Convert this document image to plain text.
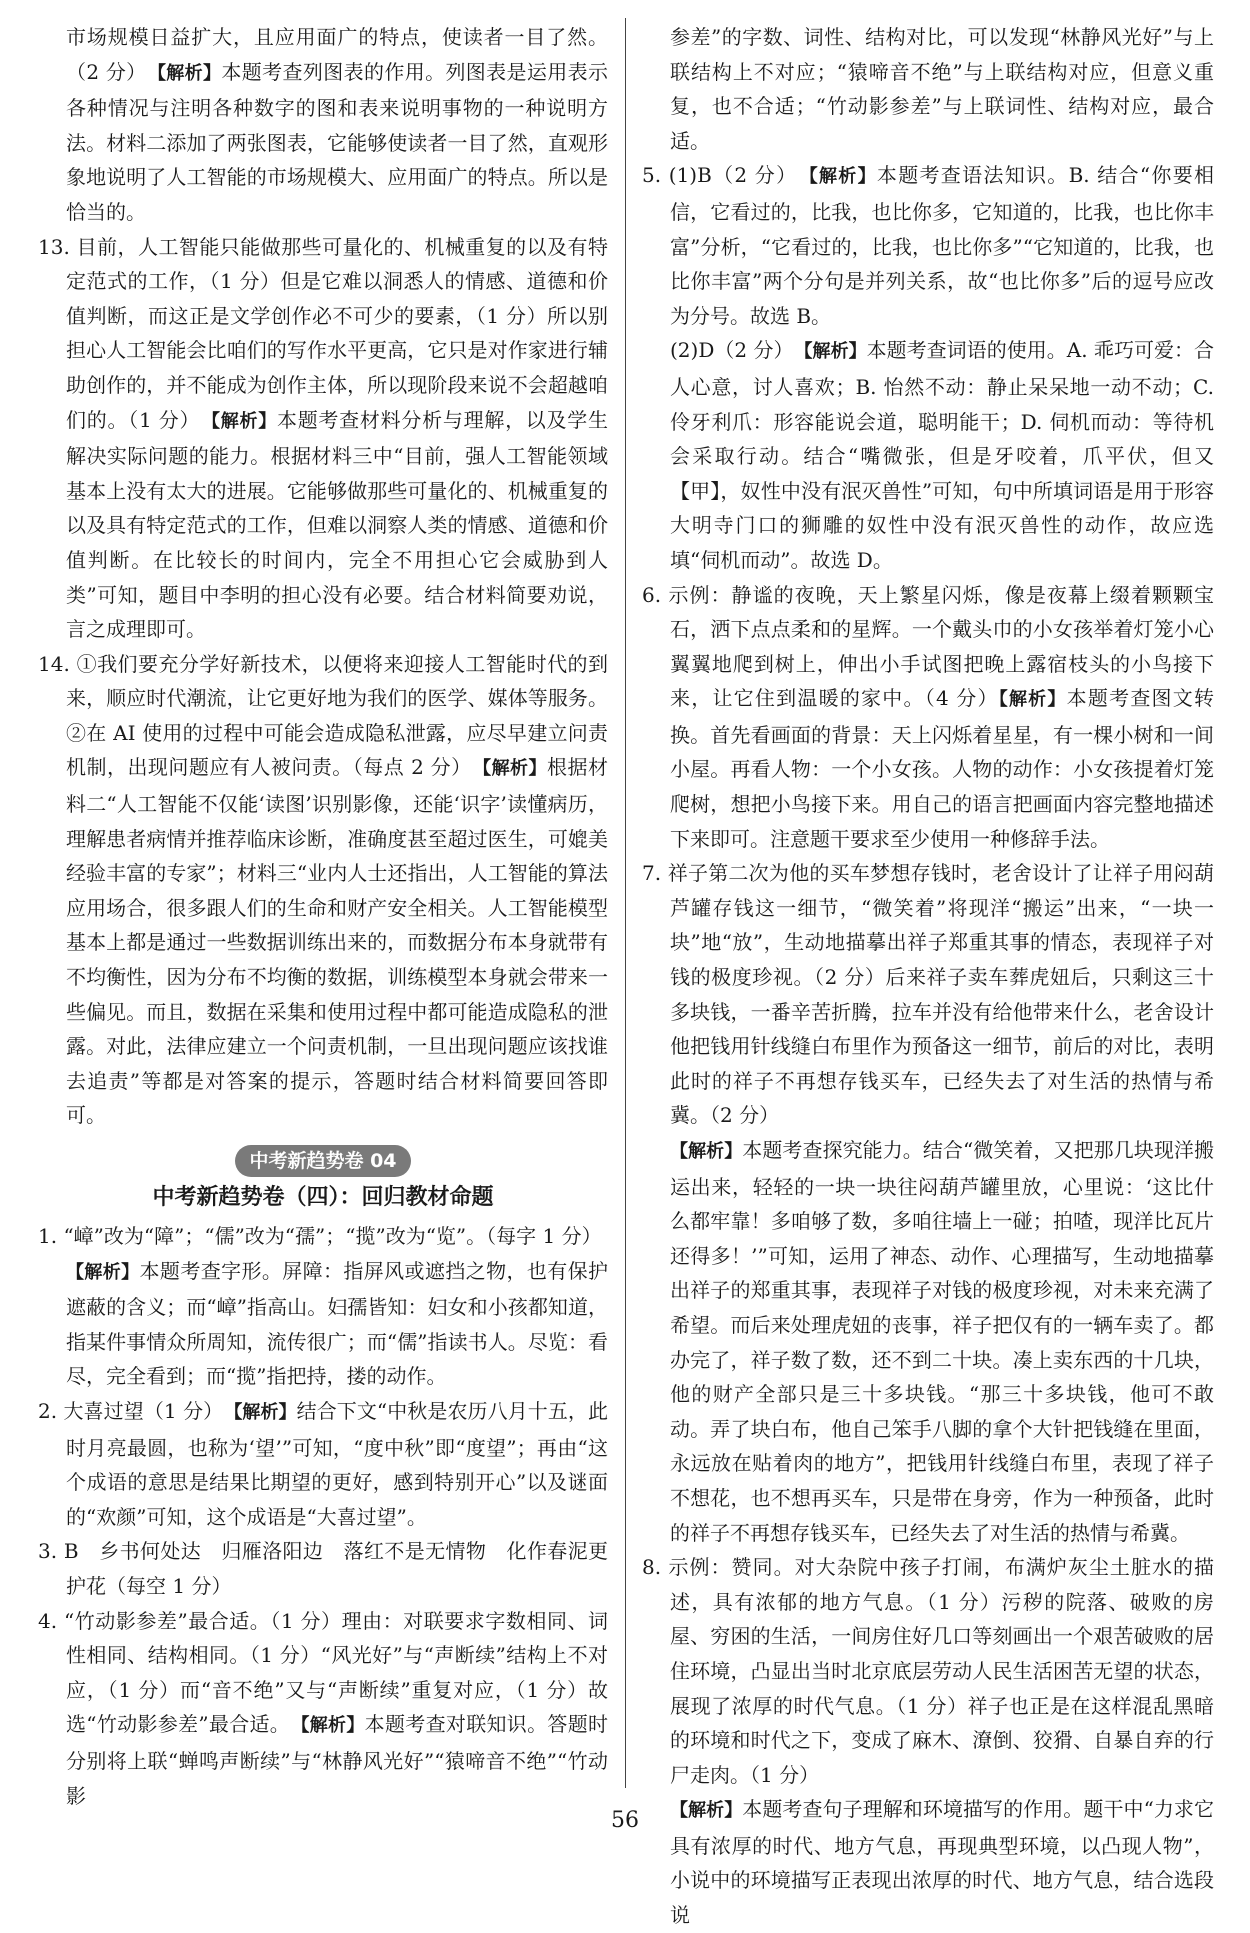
市场规模日益扩大，且应用面广的特点，使读者一目了然。（2 分）　 【解析】本题考查列图表的作用。列图表是运用表示各种情况与注明各种数字的图和表来说明事物的一种说明方法。材料二添加了两张图表，它能够使读者一目了然，直观形象地说明了人工智能的市场规模大、应用面广的特点。所以是恰当的。

13. 目前，人工智能只能做那些可量化的、机械重复的以及有特定范式的工作，（1 分）但是它难以洞悉人的情感、道德和价值判断，而这正是文学创作必不可少的要素，（1 分）所以别担心人工智能会比咱们的写作水平更高，它只是对作家进行辅助创作的，并不能成为创作主体，所以现阶段来说不会超越咱们的。（1 分）　 【解析】本题考查材料分析与理解，以及学生解决实际问题的能力。根据材料三中“目前，强人工智能领域基本上没有太大的进展。它能够做那些可量化的、机械重复的以及具有特定范式的工作，但难以洞察人类的情感、道德和价值判断。在比较长的时间内，完全不用担心它会威胁到人类”可知，题目中李明的担心没有必要。结合材料简要劝说，言之成理即可。

14. ①我们要充分学好新技术，以便将来迎接人工智能时代的到来，顺应时代潮流，让它更好地为我们的医学、媒体等服务。②在 AI 使用的过程中可能会造成隐私泄露，应尽早建立问责机制，出现问题应有人被问责。（每点 2 分）　 【解析】根据材料二“人工智能不仅能‘读图’识别影像，还能‘识字’读懂病历，理解患者病情并推荐临床诊断，准确度甚至超过医生，可媲美经验丰富的专家”；材料三“业内人士还指出，人工智能的算法应用场合，很多跟人们的生命和财产安全相关。人工智能模型基本上都是通过一些数据训练出来的，而数据分布本身就带有不均衡性，因为分布不均衡的数据，训练模型本身就会带来一些偏见。而且，数据在采集和使用过程中都可能造成隐私的泄露。对此，法律应建立一个问责机制，一旦出现问题应该找谁去追责”等都是对答案的提示，答题时结合材料简要回答即可。

中考新趋势卷 04
中考新趋势卷（四）：回归教材命题

1. “嶂”改为“障”；“儒”改为“孺”；“揽”改为“览”。（每字 1 分）
【解析】本题考查字形。屏障：指屏风或遮挡之物，也有保护遮蔽的含义；而“嶂”指高山。妇孺皆知：妇女和小孩都知道，指某件事情众所周知，流传很广；而“儒”指读书人。尽览：看尽，完全看到；而“揽”指把持，搂的动作。

2. 大喜过望（1 分）　 【解析】结合下文“中秋是农历八月十五，此时月亮最圆，也称为‘望’”可知，“度中秋”即“度望”；再由“这个成语的意思是结果比期望的更好，感到特别开心”以及谜面的“欢颜”可知，这个成语是“大喜过望”。

3. B　乡书何处达　归雁洛阳边　落红不是无情物　化作春泥更护花（每空 1 分）

4. “竹动影参差”最合适。（1 分）理由：对联要求字数相同、词性相同、结构相同。（1 分）“风光好”与“声断续”结构上不对应，（1 分）而“音不绝”又与“声断续”重复对应，（1 分）故选“竹动影参差”最合适。　 【解析】本题考查对联知识。答题时分别将上联“蝉鸣声断续”与“林静风光好”“猿啼音不绝”“竹动影

参差”的字数、词性、结构对比，可以发现“林静风光好”与上联结构上不对应；“猿啼音不绝”与上联结构对应，但意义重复，也不合适；“竹动影参差”与上联词性、结构对应，最合适。

5. (1)B（2 分）　 【解析】本题考查语法知识。B. 结合“你要相信，它看过的，比我，也比你多，它知道的，比我，也比你丰富”分析，“它看过的，比我，也比你多”“它知道的，比我，也比你丰富”两个分句是并列关系，故“也比你多”后的逗号应改为分号。故选 B。

(2)D（2 分）　 【解析】本题考查词语的使用。A. 乖巧可爱：合人心意，讨人喜欢；B. 怡然不动：静止呆呆地一动不动；C. 伶牙利爪：形容能说会道，聪明能干；D. 伺机而动：等待机会采取行动。结合“嘴微张，但是牙咬着，爪平伏，但又【甲】，奴性中没有泯灭兽性”可知，句中所填词语是用于形容大明寺门口的狮雕的奴性中没有泯灭兽性的动作，故应选填“伺机而动”。故选 D。

6. 示例：静谧的夜晚，天上繁星闪烁，像是夜幕上缀着颗颗宝石，洒下点点柔和的星辉。一个戴头巾的小女孩举着灯笼小心翼翼地爬到树上，伸出小手试图把晚上露宿枝头的小鸟接下来，让它住到温暖的家中。（4 分）【解析】本题考查图文转换。首先看画面的背景：天上闪烁着星星，有一棵小树和一间小屋。再看人物：一个小女孩。人物的动作：小女孩提着灯笼爬树，想把小鸟接下来。用自己的语言把画面内容完整地描述下来即可。注意题干要求至少使用一种修辞手法。

7. 祥子第二次为他的买车梦想存钱时，老舍设计了让祥子用闷葫芦罐存钱这一细节，“微笑着”将现洋“搬运”出来，“一块一块”地“放”，生动地描摹出祥子郑重其事的情态，表现祥子对钱的极度珍视。（2 分）后来祥子卖车葬虎妞后，只剩这三十多块钱，一番辛苦折腾，拉车并没有给他带来什么，老舍设计他把钱用针线缝白布里作为预备这一细节，前后的对比，表明此时的祥子不再想存钱买车，已经失去了对生活的热情与希冀。（2 分）
【解析】本题考查探究能力。结合“微笑着，又把那几块现洋搬运出来，轻轻的一块一块往闷葫芦罐里放，心里说：‘这比什么都牢靠！多咱够了数，多咱往墙上一碰；拍喳，现洋比瓦片还得多！’”可知，运用了神态、动作、心理描写，生动地描摹出祥子的郑重其事，表现祥子对钱的极度珍视，对未来充满了希望。而后来处理虎妞的丧事，祥子把仅有的一辆车卖了。都办完了，祥子数了数，还不到二十块。凑上卖东西的十几块，他的财产全部只是三十多块钱。“那三十多块钱，他可不敢动。弄了块白布，他自己笨手八脚的拿个大针把钱缝在里面，永远放在贴着肉的地方”，把钱用针线缝白布里，表现了祥子不想花，也不想再买车，只是带在身旁，作为一种预备，此时的祥子不再想存钱买车，已经失去了对生活的热情与希冀。

8. 示例：赞同。对大杂院中孩子打闹，布满炉灰尘土脏水的描述，具有浓郁的地方气息。（1 分）污秽的院落、破败的房屋、穷困的生活，一间房住好几口等刻画出一个艰苦破败的居住环境，凸显出当时北京底层劳动人民生活困苦无望的状态，展现了浓厚的时代气息。（1 分）祥子也正是在这样混乱黑暗的环境和时代之下，变成了麻木、潦倒、狡猾、自暴自弃的行尸走肉。（1 分）
【解析】本题考查句子理解和环境描写的作用。题干中“力求它具有浓厚的时代、地方气息，再现典型环境，以凸现人物”，小说中的环境描写正表现出浓厚的时代、地方气息，结合选段说

56
